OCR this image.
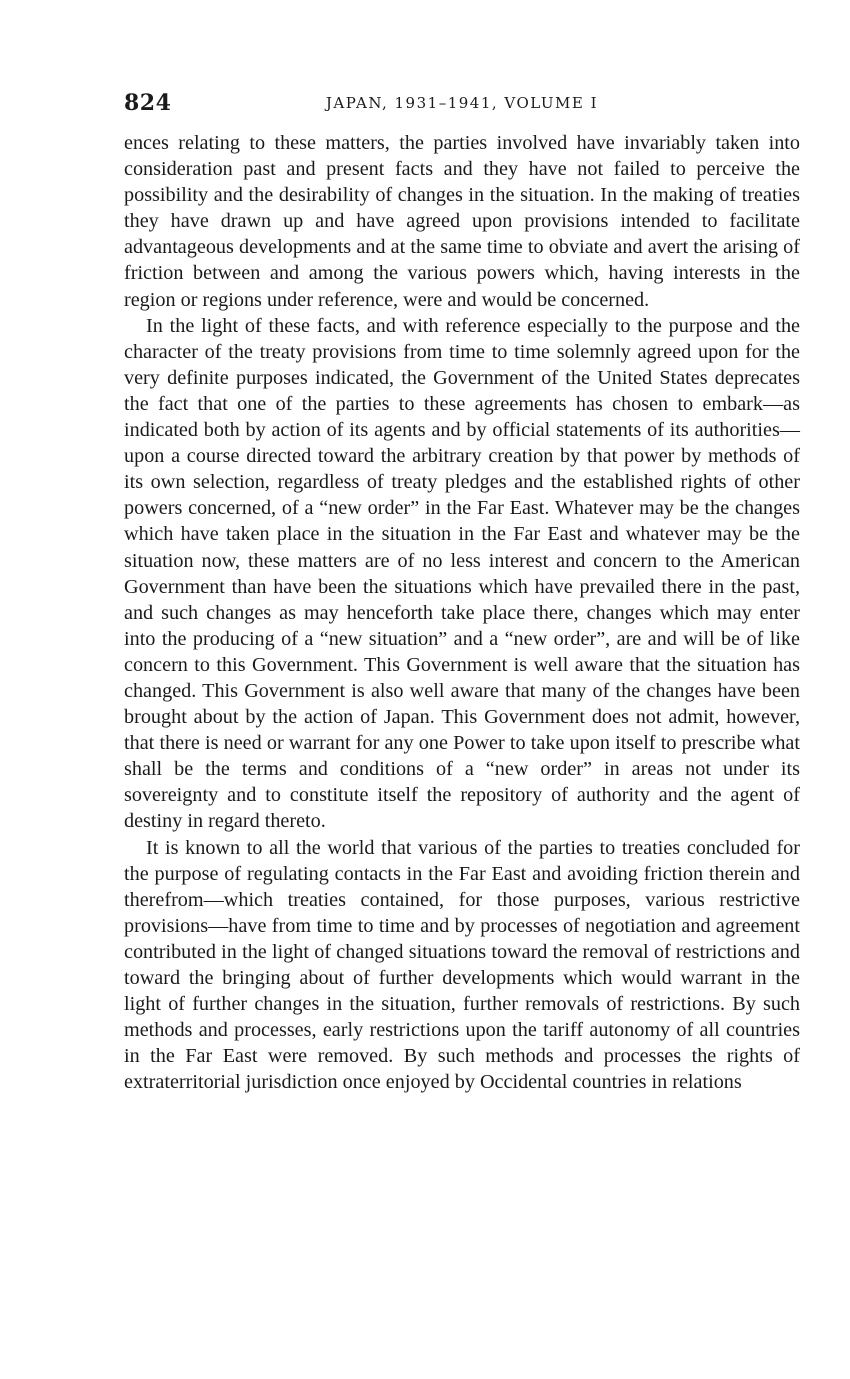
824	JAPAN, 1931–1941, VOLUME I

ences relating to these matters, the parties involved have invariably taken into consideration past and present facts and they have not failed to perceive the possibility and the desirability of changes in the situation. In the making of treaties they have drawn up and have agreed upon provisions intended to facilitate advantageous developments and at the same time to obviate and avert the arising of friction between and among the various powers which, having interests in the region or regions under reference, were and would be concerned.

In the light of these facts, and with reference especially to the purpose and the character of the treaty provisions from time to time solemnly agreed upon for the very definite purposes indicated, the Government of the United States deprecates the fact that one of the parties to these agreements has chosen to embark—as indicated both by action of its agents and by official statements of its authorities—upon a course directed toward the arbitrary creation by that power by methods of its own selection, regardless of treaty pledges and the established rights of other powers concerned, of a “new order” in the Far East. Whatever may be the changes which have taken place in the situation in the Far East and whatever may be the situation now, these matters are of no less interest and concern to the American Government than have been the situations which have prevailed there in the past, and such changes as may henceforth take place there, changes which may enter into the producing of a “new situation” and a “new order”, are and will be of like concern to this Government. This Government is well aware that the situation has changed. This Government is also well aware that many of the changes have been brought about by the action of Japan. This Government does not admit, however, that there is need or warrant for any one Power to take upon itself to prescribe what shall be the terms and conditions of a “new order” in areas not under its sovereignty and to constitute itself the repository of authority and the agent of destiny in regard thereto.

It is known to all the world that various of the parties to treaties concluded for the purpose of regulating contacts in the Far East and avoiding friction therein and therefrom—which treaties contained, for those purposes, various restrictive provisions—have from time to time and by processes of negotiation and agreement contributed in the light of changed situations toward the removal of restrictions and toward the bringing about of further developments which would warrant in the light of further changes in the situation, further removals of restrictions. By such methods and processes, early restrictions upon the tariff autonomy of all countries in the Far East were removed. By such methods and processes the rights of extraterritorial jurisdiction once enjoyed by Occidental countries in relations
